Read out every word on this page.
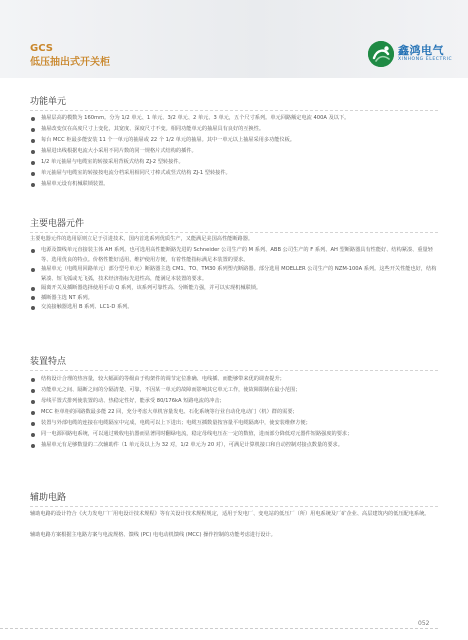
GCS
低压抽出式开关柜
鑫鸿电气
XINHONG ELECTRIC
功能单元
抽屉层高的模数为 160mm。分为 1/2 单元、1 单元、3/2 单元、2 单元、3 单元，五个尺寸系列。单元回路额定电流 400A 及以下。
抽屉改变仅在高度尺寸上变化，其宽度、深度尺寸不变。相同功能单元的抽屉具有良好的互换性。
每台 MCC 柜最多能安装 11 个一单元的抽屉或 22 个 1/2 单元的抽屉。其中一单元以上抽屉采用多功能仪板。
抽屉进出线根据电流大小采用不同片数的同一规格片式结构的插件。
1/2 单元抽屉与电缆室的转接采用背板式结构 ZJ-2 型转接件。
单元抽屉与电缆室的转接按电流分档采用相同尺寸棒式或竖式结构 ZJ-1 型转接件。
抽屉单元设有机械联锁装置。
主要电器元件

主要电器元件的选用原则立足于引进技术，国内首选系列优质生产，又能满足美国高性能断路器。

电源及馈线单元直接装主体 AH 系列。也可选用高性能断路先进的 Schneider 公司生产的 M 系列、ABB 公司生产的 F 系列、AH 型断路器具有性能好、结构紧凑、重量轻等、选用优良的特点。价格性能好适用，维护使用方便，有着性能指标满足本装置的要求。
抽屉单元（电缆用回路单元）部分型号单元）断路器主选 CM1、TO、TM30 系列塑壳断路器。部分选用 MOELLER 公司生产的 NZM-100A 系列。这些开关性能也好，结构紧凑、短飞弧或无飞弧，技术经济指标先进性高，能满足本装置的要求。
隔离开关及插断器选择使用手动 Q 系列，该系列可靠性高、分断能力强，并可以实现机械联锁。
插断器主选 NT 系列。
交流接触器选用 B 系列、LC1-D 系列。
装置特点
结构设计合理的热容量，较大幅面的等级由于构架件的调节定位准确、电线插、而能够带来优的调查提升；
功能单元之间、隔断之间的分隔清楚、可靠，不因某一单元的故障而影响其它单元工作，使故障限制在最小范围；
母线平置式排列使装置的动、热稳定性好，能承受 80/176kA 短路电流的冲击；
MCC 柜单柜的回路数最多能 22 回，充分考虑大单机容量发电、石化系统等行业自动化电动门（机）群的需要；
装置与外部电缆的连接在电缆隔室中完成，电缆可以上下进出；电缆互插数量按容量平电缆隔离中，使安装维修方便；
同一电源回路电系统，可以通过吸收电抗器而显著同时翻绿电流，稳定母线电压在一定的数值，进而部分降低对元器件短路强度的要求；
抽屉单元有足够数量的二次辅助件（1 单元及以上为 32 对，1/2 单元为 20 对），可满足计算机接口和自动控制对接点数量的要求。
辅助电路

辅助电路的设计符合《火力发电厂厂用电设计技术规程》等有关设计技术规程规定，适用于发电厂、变电站的低压厂（所）用电系统及厂矿企业、高层建筑内的低压配电系统。

辅助电路方案根据主电路方案与电流规格、馈线 (PC) 电电动机馈线 (MCC) 操作控制的功能考虑进行设计。

052
